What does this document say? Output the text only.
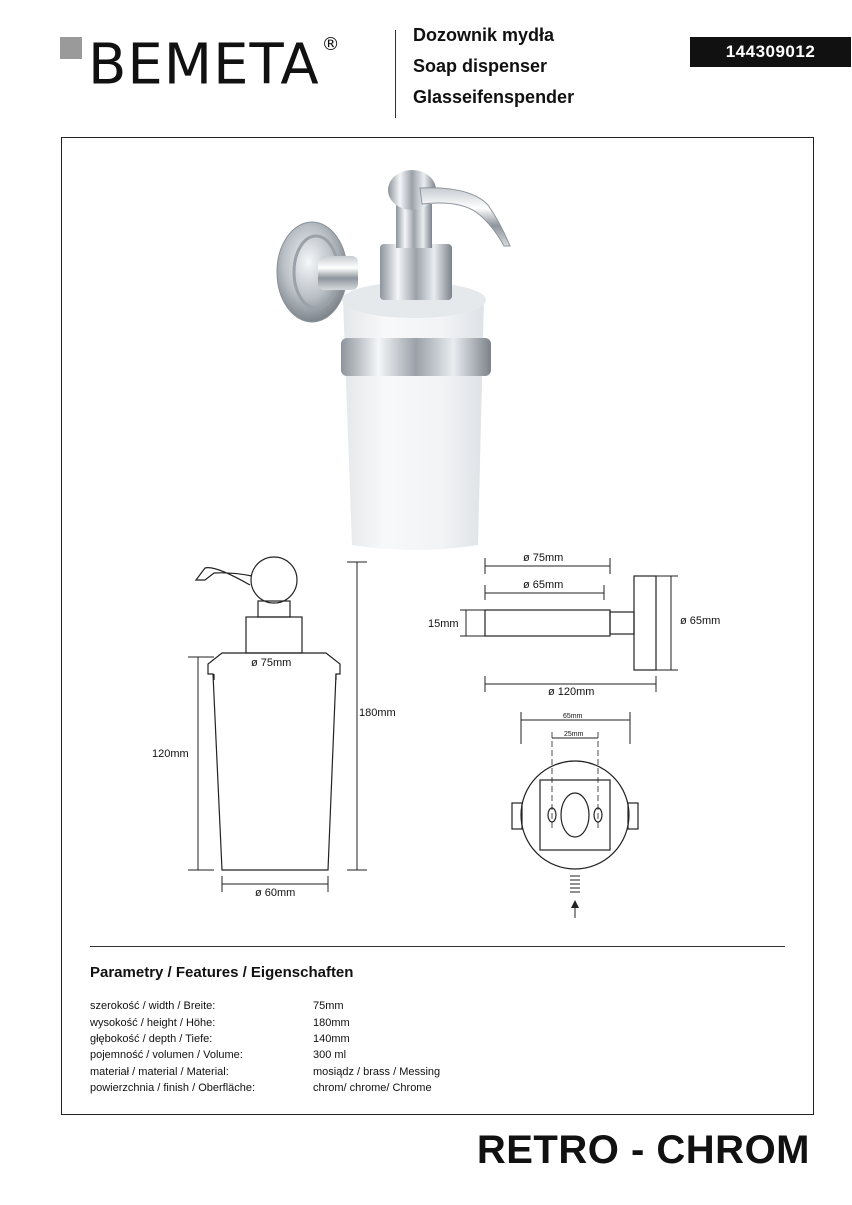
BEMETA ®	Dozownik mydła
Soap dispenser
Glasseifenspender
144309012
ø 75mm
120mm
180mm
ø 60mm
ø 75mm
ø 65mm
15mm	ø 65mm
ø 120mm
65mm
25mm
Parametry / Features / Eigenschaften
szerokość / width / Breite:	75mm
wysokość / height / Höhe:	180mm
głębokość / depth / Tiefe:	140mm
pojemność / volumen / Volume:	300 ml
materiał / material / Material:	mosiądz / brass / Messing
powierzchnia / finish / Oberfläche:	chrom/ chrome/ Chrome
RETRO - CHROM
